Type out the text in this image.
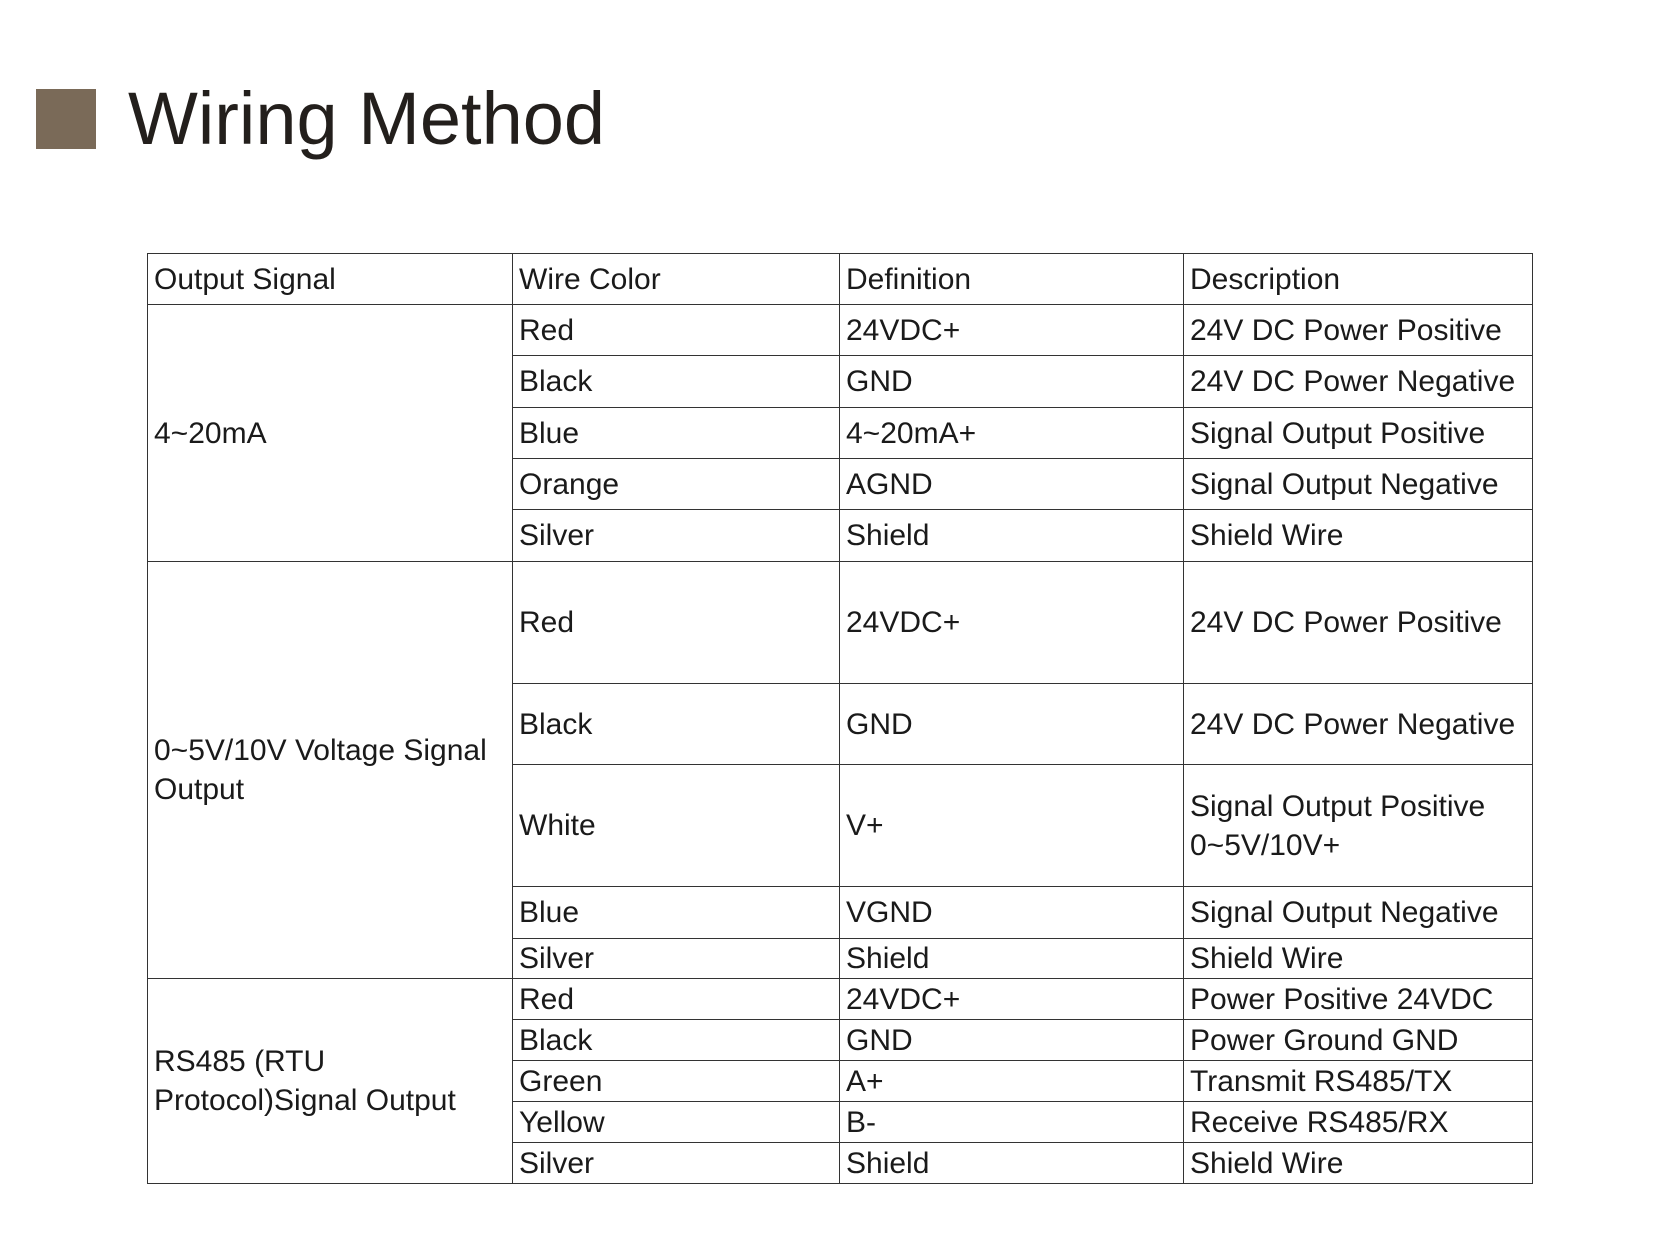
Wiring Method
Output Signal	Wire Color	Definition	Description
4~20mA	Red	24VDC+	24V DC Power Positive
	Black	GND	24V DC Power Negative
	Blue	4~20mA+	Signal Output Positive
	Orange	AGND	Signal Output Negative
	Silver	Shield	Shield Wire
0~5V/10V Voltage Signal Output	Red	24VDC+	24V DC Power Positive
	Black	GND	24V DC Power Negative
	White	V+	Signal Output Positive 0~5V/10V+
	Blue	VGND	Signal Output Negative
	Silver	Shield	Shield Wire
RS485 (RTU Protocol)Signal Output	Red	24VDC+	Power Positive 24VDC
	Black	GND	Power Ground GND
	Green	A+	Transmit RS485/TX
	Yellow	B-	Receive RS485/RX
	Silver	Shield	Shield Wire
